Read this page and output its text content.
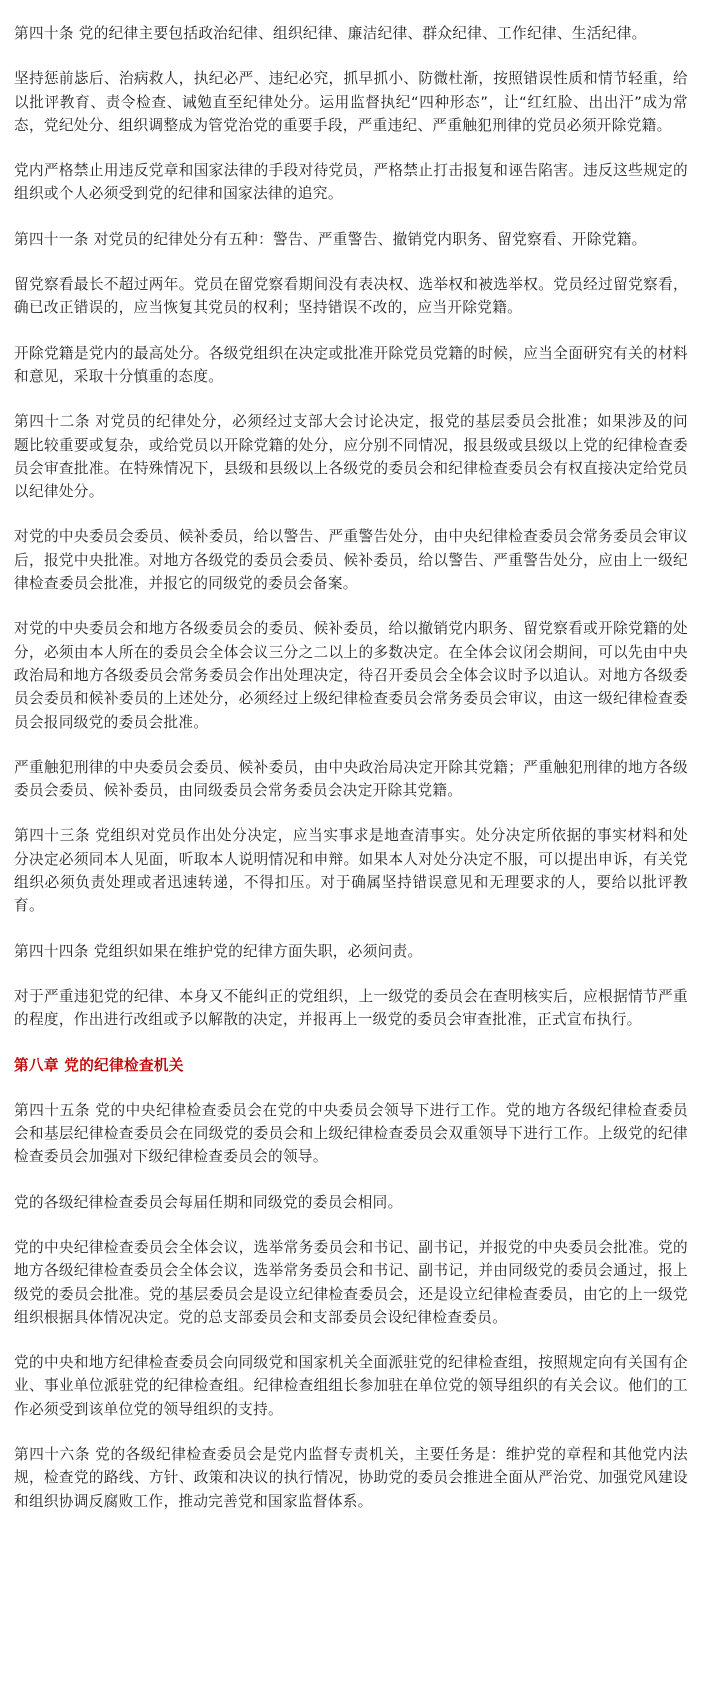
第四十条 党的纪律主要包括政治纪律、组织纪律、廉洁纪律、群众纪律、工作纪律、生活纪律。

坚持惩前毖后、治病救人，执纪必严、违纪必究，抓早抓小、防微杜渐，按照错误性质和情节轻重，给以批评教育、责令检查、诫勉直至纪律处分。运用监督执纪“四种形态”，让“红红脸、出出汗”成为常态，党纪处分、组织调整成为管党治党的重要手段，严重违纪、严重触犯刑律的党员必须开除党籍。

党内严格禁止用违反党章和国家法律的手段对待党员，严格禁止打击报复和诬告陷害。违反这些规定的组织或个人必须受到党的纪律和国家法律的追究。

第四十一条 对党员的纪律处分有五种：警告、严重警告、撤销党内职务、留党察看、开除党籍。

留党察看最长不超过两年。党员在留党察看期间没有表决权、选举权和被选举权。党员经过留党察看，确已改正错误的，应当恢复其党员的权利；坚持错误不改的，应当开除党籍。

开除党籍是党内的最高处分。各级党组织在决定或批准开除党员党籍的时候，应当全面研究有关的材料和意见，采取十分慎重的态度。

第四十二条 对党员的纪律处分，必须经过支部大会讨论决定，报党的基层委员会批准；如果涉及的问题比较重要或复杂，或给党员以开除党籍的处分，应分别不同情况，报县级或县级以上党的纪律检查委员会审查批准。在特殊情况下，县级和县级以上各级党的委员会和纪律检查委员会有权直接决定给党员以纪律处分。

对党的中央委员会委员、候补委员，给以警告、严重警告处分，由中央纪律检查委员会常务委员会审议后，报党中央批准。对地方各级党的委员会委员、候补委员，给以警告、严重警告处分，应由上一级纪律检查委员会批准，并报它的同级党的委员会备案。

对党的中央委员会和地方各级委员会的委员、候补委员，给以撤销党内职务、留党察看或开除党籍的处分，必须由本人所在的委员会全体会议三分之二以上的多数决定。在全体会议闭会期间，可以先由中央政治局和地方各级委员会常务委员会作出处理决定，待召开委员会全体会议时予以追认。对地方各级委员会委员和候补委员的上述处分，必须经过上级纪律检查委员会常务委员会审议，由这一级纪律检查委员会报同级党的委员会批准。

严重触犯刑律的中央委员会委员、候补委员，由中央政治局决定开除其党籍；严重触犯刑律的地方各级委员会委员、候补委员，由同级委员会常务委员会决定开除其党籍。

第四十三条 党组织对党员作出处分决定，应当实事求是地查清事实。处分决定所依据的事实材料和处分决定必须同本人见面，听取本人说明情况和申辩。如果本人对处分决定不服，可以提出申诉，有关党组织必须负责处理或者迅速转递，不得扣压。对于确属坚持错误意见和无理要求的人，要给以批评教育。

第四十四条 党组织如果在维护党的纪律方面失职，必须问责。

对于严重违犯党的纪律、本身又不能纠正的党组织，上一级党的委员会在查明核实后，应根据情节严重的程度，作出进行改组或予以解散的决定，并报再上一级党的委员会审查批准，正式宣布执行。

第八章 党的纪律检查机关

第四十五条 党的中央纪律检查委员会在党的中央委员会领导下进行工作。党的地方各级纪律检查委员会和基层纪律检查委员会在同级党的委员会和上级纪律检查委员会双重领导下进行工作。上级党的纪律检查委员会加强对下级纪律检查委员会的领导。

党的各级纪律检查委员会每届任期和同级党的委员会相同。

党的中央纪律检查委员会全体会议，选举常务委员会和书记、副书记，并报党的中央委员会批准。党的地方各级纪律检查委员会全体会议，选举常务委员会和书记、副书记，并由同级党的委员会通过，报上级党的委员会批准。党的基层委员会是设立纪律检查委员会，还是设立纪律检查委员，由它的上一级党组织根据具体情况决定。党的总支部委员会和支部委员会设纪律检查委员。

党的中央和地方纪律检查委员会向同级党和国家机关全面派驻党的纪律检查组，按照规定向有关国有企业、事业单位派驻党的纪律检查组。纪律检查组组长参加驻在单位党的领导组织的有关会议。他们的工作必须受到该单位党的领导组织的支持。

第四十六条 党的各级纪律检查委员会是党内监督专责机关，主要任务是：维护党的章程和其他党内法规，检查党的路线、方针、政策和决议的执行情况，协助党的委员会推进全面从严治党、加强党风建设和组织协调反腐败工作，推动完善党和国家监督体系。
